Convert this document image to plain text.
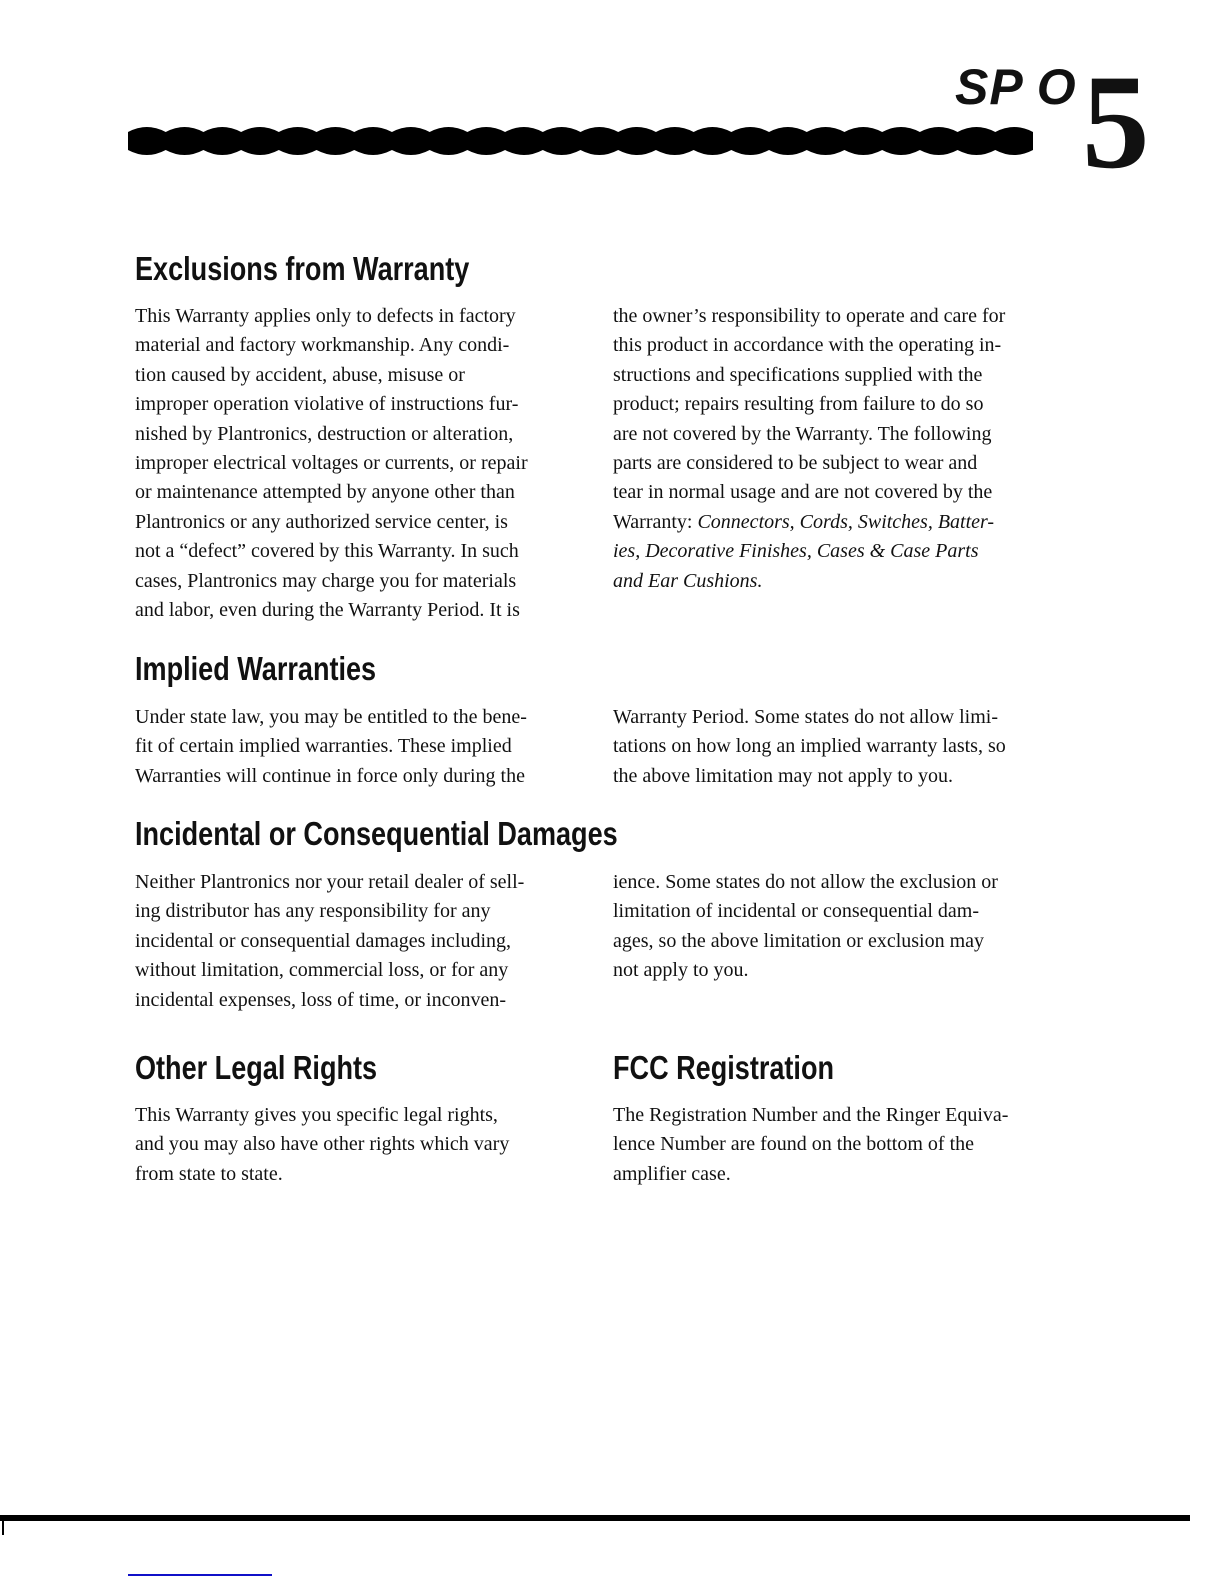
SP O 5
Exclusions from Warranty
This Warranty applies only to defects in factory
material and factory workmanship. Any condi-
tion caused by accident, abuse, misuse or
improper operation violative of instructions fur-
nished by Plantronics, destruction or alteration,
improper electrical voltages or currents, or repair
or maintenance attempted by anyone other than
Plantronics or any authorized service center, is
not a “defect” covered by this Warranty. In such
cases, Plantronics may charge you for materials
and labor, even during the Warranty Period. It is
the owner’s responsibility to operate and care for
this product in accordance with the operating in-
structions and specifications supplied with the
product; repairs resulting from failure to do so
are not covered by the Warranty. The following
parts are considered to be subject to wear and
tear in normal usage and are not covered by the
Warranty: Connectors, Cords, Switches, Batter-
ies, Decorative Finishes, Cases & Case Parts
and Ear Cushions.
Implied Warranties
Under state law, you may be entitled to the bene-
fit of certain implied warranties. These implied
Warranties will continue in force only during the
Warranty Period. Some states do not allow limi-
tations on how long an implied warranty lasts, so
the above limitation may not apply to you.
Incidental or Consequential Damages
Neither Plantronics nor your retail dealer of sell-
ing distributor has any responsibility for any
incidental or consequential damages including,
without limitation, commercial loss, or for any
incidental expenses, loss of time, or inconven-
ience. Some states do not allow the exclusion or
limitation of incidental or consequential dam-
ages, so the above limitation or exclusion may
not apply to you.
Other Legal Rights
This Warranty gives you specific legal rights,
and you may also have other rights which vary
from state to state.
FCC Registration
The Registration Number and the Ringer Equiva-
lence Number are found on the bottom of the
amplifier case.
